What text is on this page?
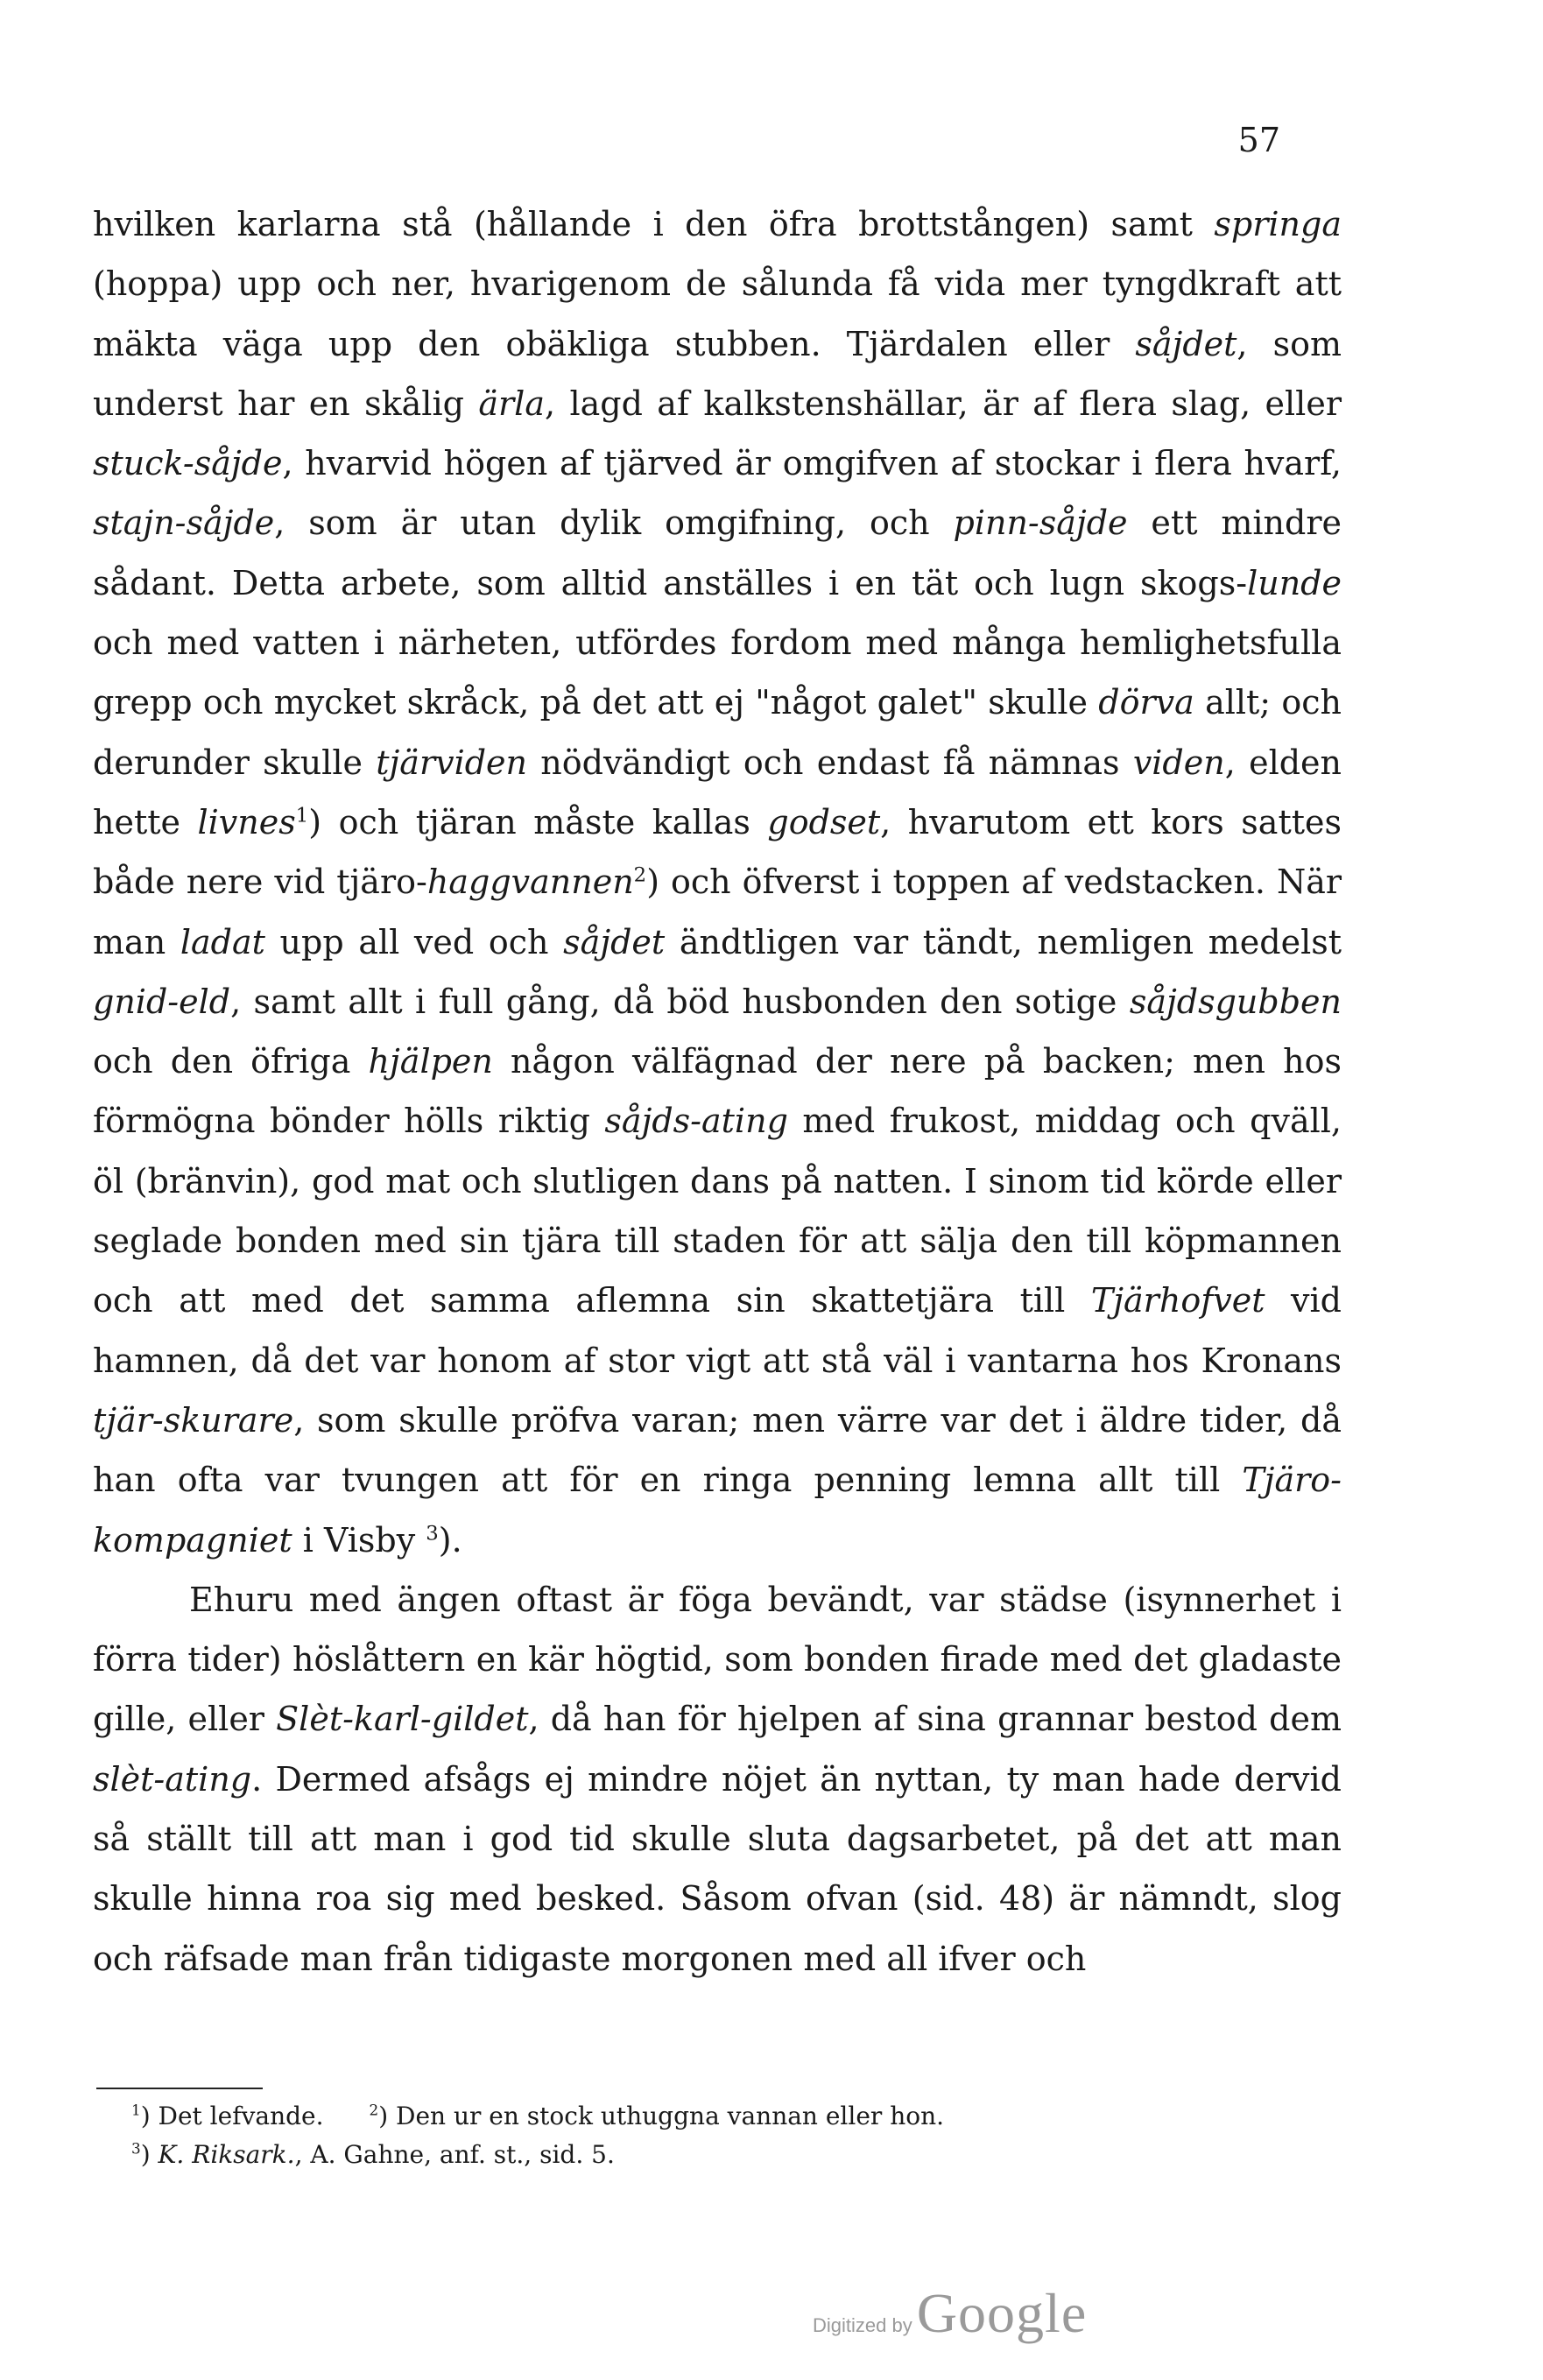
57

hvilken karlarna stå (hållande i den öfra brottstången) samt springa (hoppa) upp och ner, hvarigenom de sålunda få vida mer tyngdkraft att mäkta väga upp den obäkliga stubben. Tjärdalen eller såjdet, som underst har en skålig ärla, lagd af kalkstenshällar, är af flera slag, eller stuck-såjde, hvarvid högen af tjärved är omgifven af stockar i flera hvarf, stajn-såjde, som är utan dylik omgifning, och pinn-såjde ett mindre sådant. Detta arbete, som alltid anställes i en tät och lugn skogs-lunde och med vatten i närheten, utfördes fordom med många hemlighetsfulla grepp och mycket skråck, på det att ej "något galet" skulle dörva allt; och derunder skulle tjärviden nödvändigt och endast få nämnas viden, elden hette livnes$^1$) och tjäran måste kallas godset, hvarutom ett kors sattes både nere vid tjäro-haggvannen$^2$) och öfverst i toppen af vedstacken. När man ladat upp all ved och såjdet ändtligen var tändt, nemligen medelst gnid-eld, samt allt i full gång, då böd husbonden den sotige såjdsgubben och den öfriga hjälpen någon välfägnad der nere på backen; men hos förmögna bönder hölls riktig såjds-ating med frukost, middag och qväll, öl (bränvin), god mat och slutligen dans på natten. I sinom tid körde eller seglade bonden med sin tjära till staden för att sälja den till köpmannen och att med det samma aflemna sin skattetjära till Tjärhofvet vid hamnen, då det var honom af stor vigt att stå väl i vantarna hos Kronans tjär-skurare, som skulle pröfva varan; men värre var det i äldre tider, då han ofta var tvungen att för en ringa penning lemna allt till Tjäro-kompagniet i Visby $^3$).

Ehuru med ängen oftast är föga bevändt, var städse (isynnerhet i förra tider) höslåttern en kär högtid, som bonden firade med det gladaste gille, eller Slèt-karl-gildet, då han för hjelpen af sina grannar bestod dem slèt-ating. Dermed afsågs ej mindre nöjet än nyttan, ty man hade dervid så ställt till att man i god tid skulle sluta dagsarbetet, på det att man skulle hinna roa sig med besked. Såsom ofvan (sid. 48) är nämndt, slog och räfsade man från tidigaste morgonen med all ifver och

$^1$) Det lefvande.	$^2$) Den ur en stock uthuggna vannan eller hon.

$^3$) K. Riksark., A. Gahne, anf. st., sid. 5.

Digitized by Google
